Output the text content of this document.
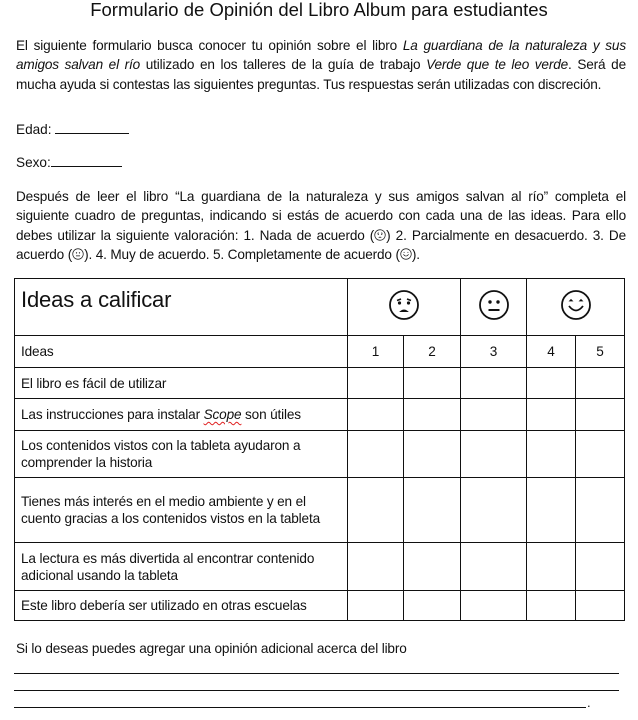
Formulario de Opinión del Libro Album para estudiantes
El siguiente formulario busca conocer tu opinión sobre el libro La guardiana de la naturaleza y sus amigos salvan el río utilizado en los talleres de la guía de trabajo Verde que te leo verde. Será de mucha ayuda si contestas las siguientes preguntas. Tus respuestas serán utilizadas con discreción.
Edad:
Sexo:
Después de leer el libro “La guardiana de la naturaleza y sus amigos salvan al río” completa el siguiente cuadro de preguntas, indicando si estás de acuerdo con cada una de las ideas. Para ello debes utilizar la siguiente valoración: 1. Nada de acuerdo ( ) 2. Parcialmente en desacuerdo. 3. De acuerdo ( ). 4. Muy de acuerdo. 5. Completamente de acuerdo ( ).
Ideas a calificar			
Ideas	1	2	3	4	5
El libro es fácil de utilizar					
Las instrucciones para instalar Scope son útiles					
Los contenidos vistos con la tableta ayudaron a comprender la historia					
Tienes más interés en el medio ambiente y en el cuento gracias a los contenidos vistos en la tableta					
La lectura es más divertida al encontrar contenido adicional usando la tableta					
Este libro debería ser utilizado en otras escuelas					
Si lo deseas puedes agregar una opinión adicional acerca del libro
.
